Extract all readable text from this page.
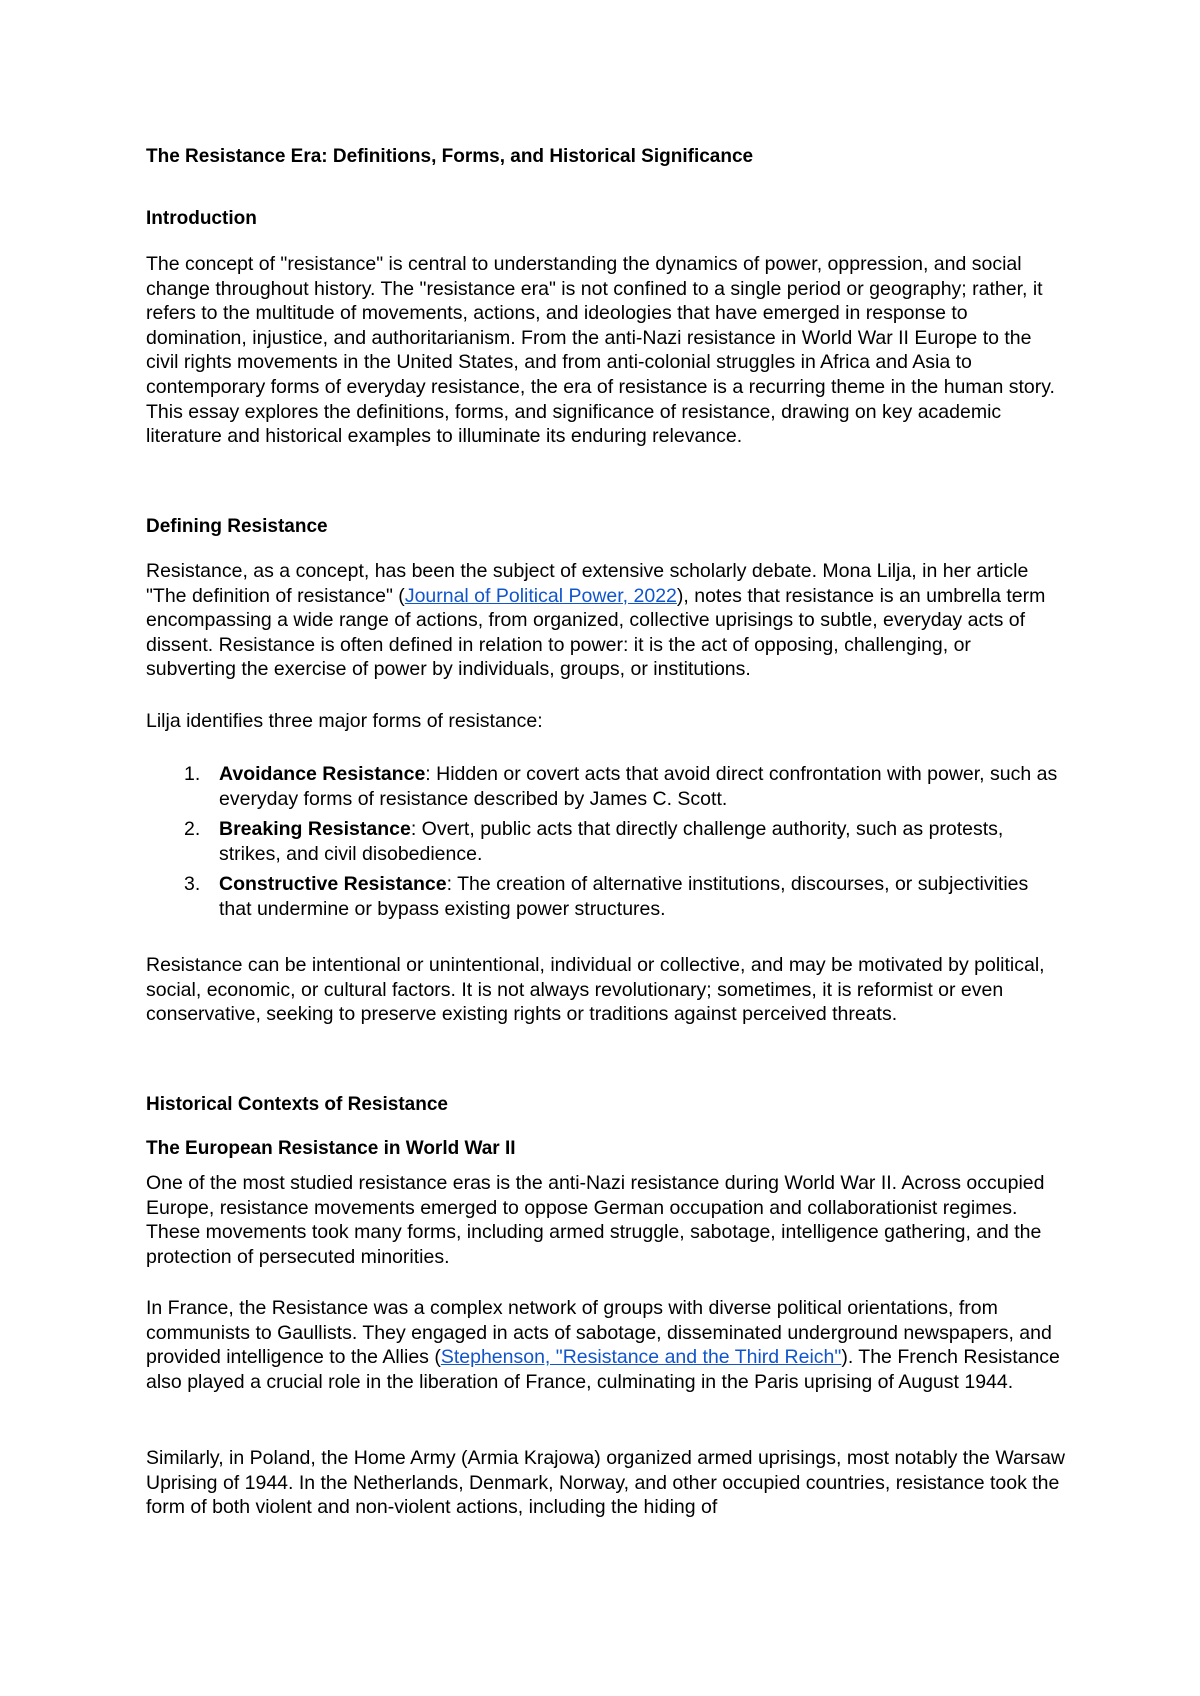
The Resistance Era: Definitions, Forms, and Historical Significance
Introduction

The concept of "resistance" is central to understanding the dynamics of power, oppression, and social change throughout history. The "resistance era" is not confined to a single period or geography; rather, it refers to the multitude of movements, actions, and ideologies that have emerged in response to domination, injustice, and authoritarianism. From the anti-Nazi resistance in World War II Europe to the civil rights movements in the United States, and from anti-colonial struggles in Africa and Asia to contemporary forms of everyday resistance, the era of resistance is a recurring theme in the human story. This essay explores the definitions, forms, and significance of resistance, drawing on key academic literature and historical examples to illuminate its enduring relevance.

Defining Resistance

Resistance, as a concept, has been the subject of extensive scholarly debate. Mona Lilja, in her article "The definition of resistance" (Journal of Political Power, 2022), notes that resistance is an umbrella term encompassing a wide range of actions, from organized, collective uprisings to subtle, everyday acts of dissent. Resistance is often defined in relation to power: it is the act of opposing, challenging, or subverting the exercise of power by individuals, groups, or institutions.

Lilja identifies three major forms of resistance:

1. Avoidance Resistance: Hidden or covert acts that avoid direct confrontation with power, such as everyday forms of resistance described by James C. Scott.
2. Breaking Resistance: Overt, public acts that directly challenge authority, such as protests, strikes, and civil disobedience.
3. Constructive Resistance: The creation of alternative institutions, discourses, or subjectivities that undermine or bypass existing power structures.

Resistance can be intentional or unintentional, individual or collective, and may be motivated by political, social, economic, or cultural factors. It is not always revolutionary; sometimes, it is reformist or even conservative, seeking to preserve existing rights or traditions against perceived threats.

Historical Contexts of Resistance
The European Resistance in World War II

One of the most studied resistance eras is the anti-Nazi resistance during World War II. Across occupied Europe, resistance movements emerged to oppose German occupation and collaborationist regimes. These movements took many forms, including armed struggle, sabotage, intelligence gathering, and the protection of persecuted minorities.

In France, the Resistance was a complex network of groups with diverse political orientations, from communists to Gaullists. They engaged in acts of sabotage, disseminated underground newspapers, and provided intelligence to the Allies (Stephenson, "Resistance and the Third Reich"). The French Resistance also played a crucial role in the liberation of France, culminating in the Paris uprising of August 1944.

Similarly, in Poland, the Home Army (Armia Krajowa) organized armed uprisings, most notably the Warsaw Uprising of 1944. In the Netherlands, Denmark, Norway, and other occupied countries, resistance took the form of both violent and non-violent actions, including the hiding of
